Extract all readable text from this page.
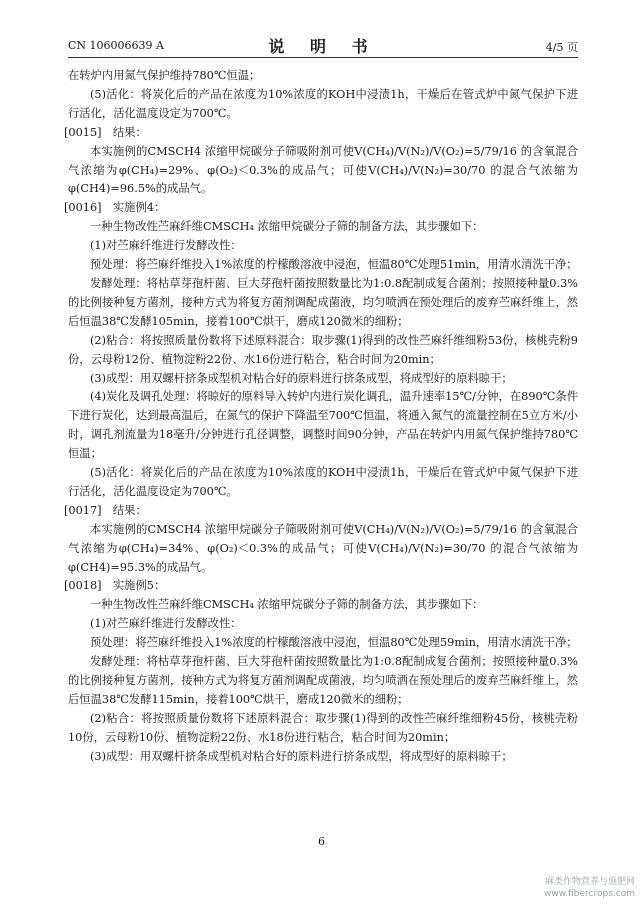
CN 106006639 A	说 明 书	4/5 页

在转炉内用氮气保护维持780℃恒温；

(5)活化：将炭化后的产品在浓度为10%浓度的KOH中浸渍1h，干燥后在管式炉中氮气保护下进行活化，活化温度设定为700℃。

[0015]　结果：

本实施例的CMSCH4 浓缩甲烷碳分子筛吸附剂可使V(CH₄)/V(N₂)/V(O₂)=5/79/16 的含氧混合气浓缩为φ(CH₄)=29%、φ(O₂)＜0.3%的成品气；可使V(CH₄)/V(N₂)=30/70 的混合气浓缩为φ(CH4)=96.5%的成品气。

[0016]　实施例4：

一种生物改性苎麻纤维CMSCH₄ 浓缩甲烷碳分子筛的制备方法，其步骤如下：

(1)对苎麻纤维进行发酵改性：

预处理：将苎麻纤维投入1%浓度的柠檬酸溶液中浸泡，恒温80℃处理51min，用清水清洗干净；

发酵处理：将枯草芽孢杆菌、巨大芽孢杆菌按照数量比为1:0.8配制成复合菌剂；按照接种量0.3%的比例接种复方菌剂，接种方式为将复方菌剂调配成菌液，均匀喷洒在预处理后的废弃苎麻纤维上，然后恒温38℃发酵105min，接着100℃烘干，磨成120微米的细粉；

(2)粘合：将按照质量份数将下述原料混合：取步骤(1)得到的改性苎麻纤维细粉53份，核桃壳粉9份，云母粉12份、植物淀粉22份、水16份进行粘合，粘合时间为20min；

(3)成型：用双螺杆挤条成型机对粘合好的原料进行挤条成型，将成型好的原料晾干；

(4)炭化及调孔处理：将晾好的原料导入转炉内进行炭化调孔，温升速率15℃/分钟，在890℃条件下进行炭化，达到最高温后，在氮气的保护下降温至700℃恒温，将通入氮气的流量控制在5立方米/小时，调孔剂流量为18毫升/分钟进行孔径调整，调整时间90分钟，产品在转炉内用氮气保护维持780℃恒温；

(5)活化：将炭化后的产品在浓度为10%浓度的KOH中浸渍1h，干燥后在管式炉中氮气保护下进行活化，活化温度设定为700℃。

[0017]　结果：

本实施例的CMSCH4 浓缩甲烷碳分子筛吸附剂可使V(CH₄)/V(N₂)/V(O₂)=5/79/16 的含氧混合气浓缩为φ(CH₄)=34%、φ(O₂)＜0.3%的成品气；可使V(CH₄)/V(N₂)=30/70 的混合气浓缩为φ(CH4)=95.3%的成品气。

[0018]　实施例5：

一种生物改性苎麻纤维CMSCH₄ 浓缩甲烷碳分子筛的制备方法，其步骤如下：

(1)对苎麻纤维进行发酵改性：

预处理：将苎麻纤维投入1%浓度的柠檬酸溶液中浸泡，恒温80℃处理59min，用清水清洗干净；

发酵处理：将枯草芽孢杆菌、巨大芽孢杆菌按照数量比为1:0.8配制成复合菌剂；按照接种量0.3%的比例接种复方菌剂，接种方式为将复方菌剂调配成菌液，均匀喷洒在预处理后的废弃苎麻纤维上，然后恒温38℃发酵115min，接着100℃烘干，磨成120微米的细粉；

(2)粘合：将按照质量份数将下述原料混合：取步骤(1)得到的改性苎麻纤维细粉45份，核桃壳粉10份，云母粉10份、植物淀粉22份、水18份进行粘合，粘合时间为20min；

(3)成型：用双螺杆挤条成型机对粘合好的原料进行挤条成型，将成型好的原料晾干；

6
麻类作物营养与施肥网
www.fibercrops.com
